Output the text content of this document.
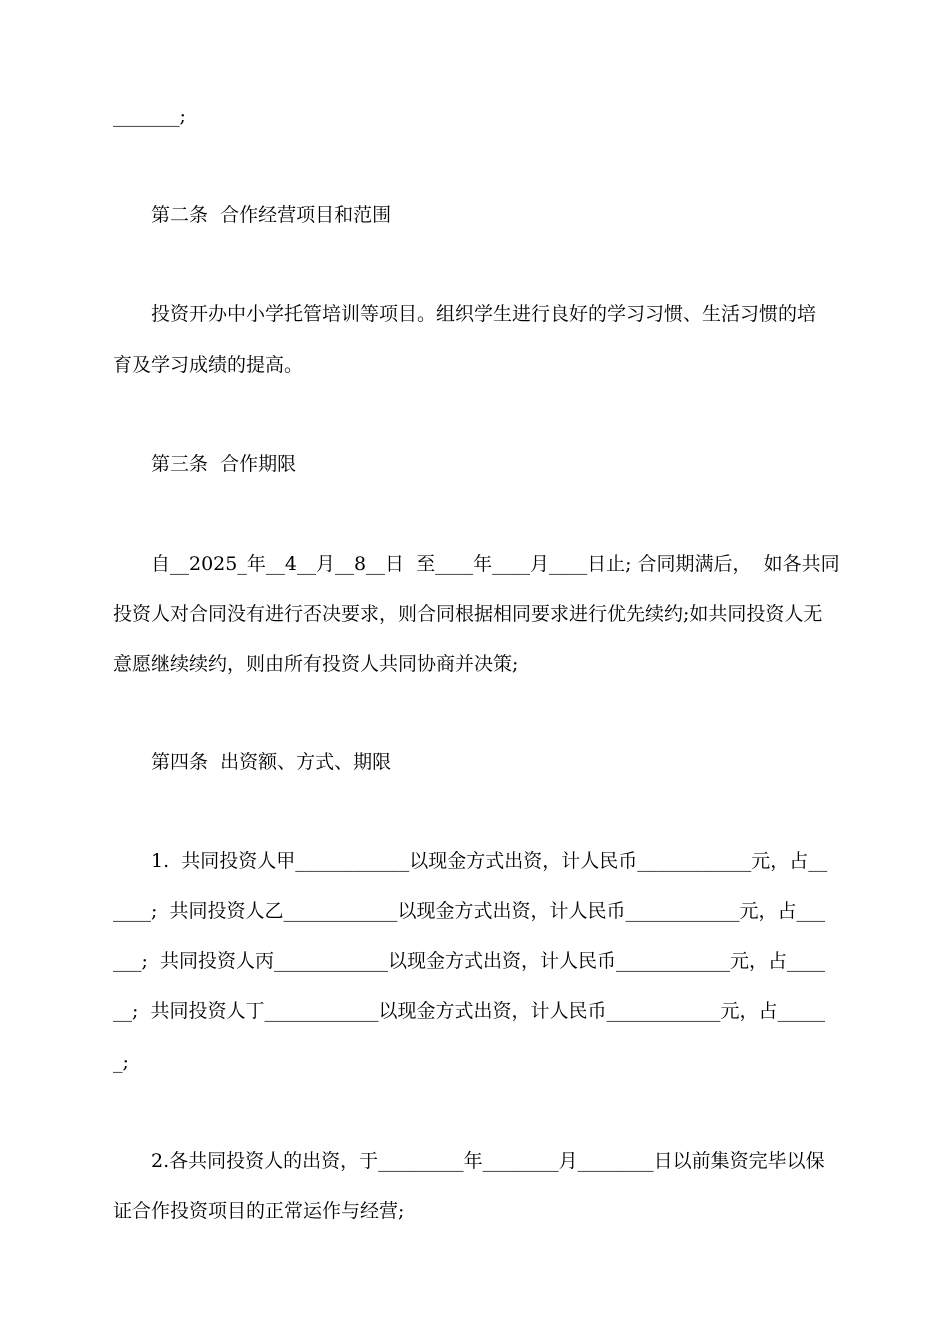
_______;
第二条  合作经营项目和范围
投资开办中小学托管培训等项目。组织学生进行良好的学习习惯、生活习惯的培
育及学习成绩的提高。
第三条  合作期限
自__2025_年__4__月__8__日  至____年____月____日止; 合同期满后，  如各共同
投资人对合同没有进行否决要求，则合同根据相同要求进行优先续约;如共同投资人无
意愿继续续约，则由所有投资人共同协商并决策;
第四条  出资额、方式、期限
1.  共同投资人甲____________以现金方式出资，计人民币____________元，占__
____;  共同投资人乙____________以现金方式出资，计人民币____________元，占___
___;  共同投资人丙____________以现金方式出资，计人民币____________元，占____
__;  共同投资人丁____________以现金方式出资，计人民币____________元，占_____
_;
2.各共同投资人的出资，于_________年________月________日以前集资完毕以保
证合作投资项目的正常运作与经营;
